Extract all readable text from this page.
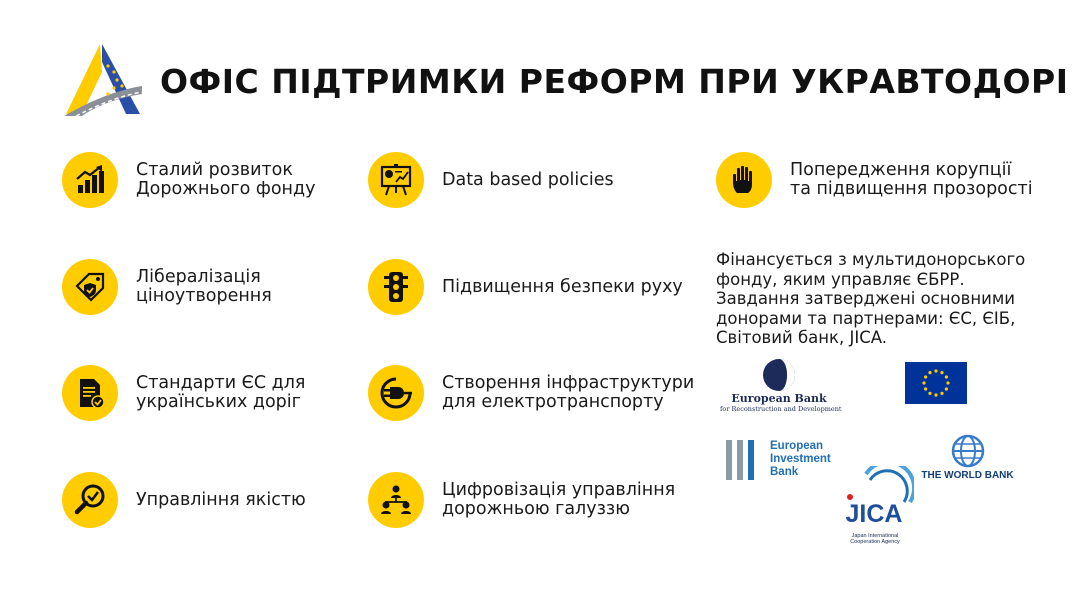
ОФІС ПІДТРИМКИ РЕФОРМ ПРИ УКРАВТОДОРІ
Сталий розвиток
Дорожнього фонду
Лібералізація
ціноутворення
Стандарти ЄС для
українських доріг
Управління якістю
Data based policies
Підвищення безпеки руху
Створення інфраструктури
для електротранспорту
Цифровізація управління
дорожньою галуззю
Попередження корупції
та підвищення прозорості
Фінансується з мультидонорського фонду, яким управляє ЄБРР. Завдання затверджені основними донорами та партнерами: ЄС, ЄІБ, Світовий банк, JICA.
European Bank
for Reconstruction and Development
European
Investment
Bank	THE WORLD BANK
JICA
Japan International
Cooperation Agency
